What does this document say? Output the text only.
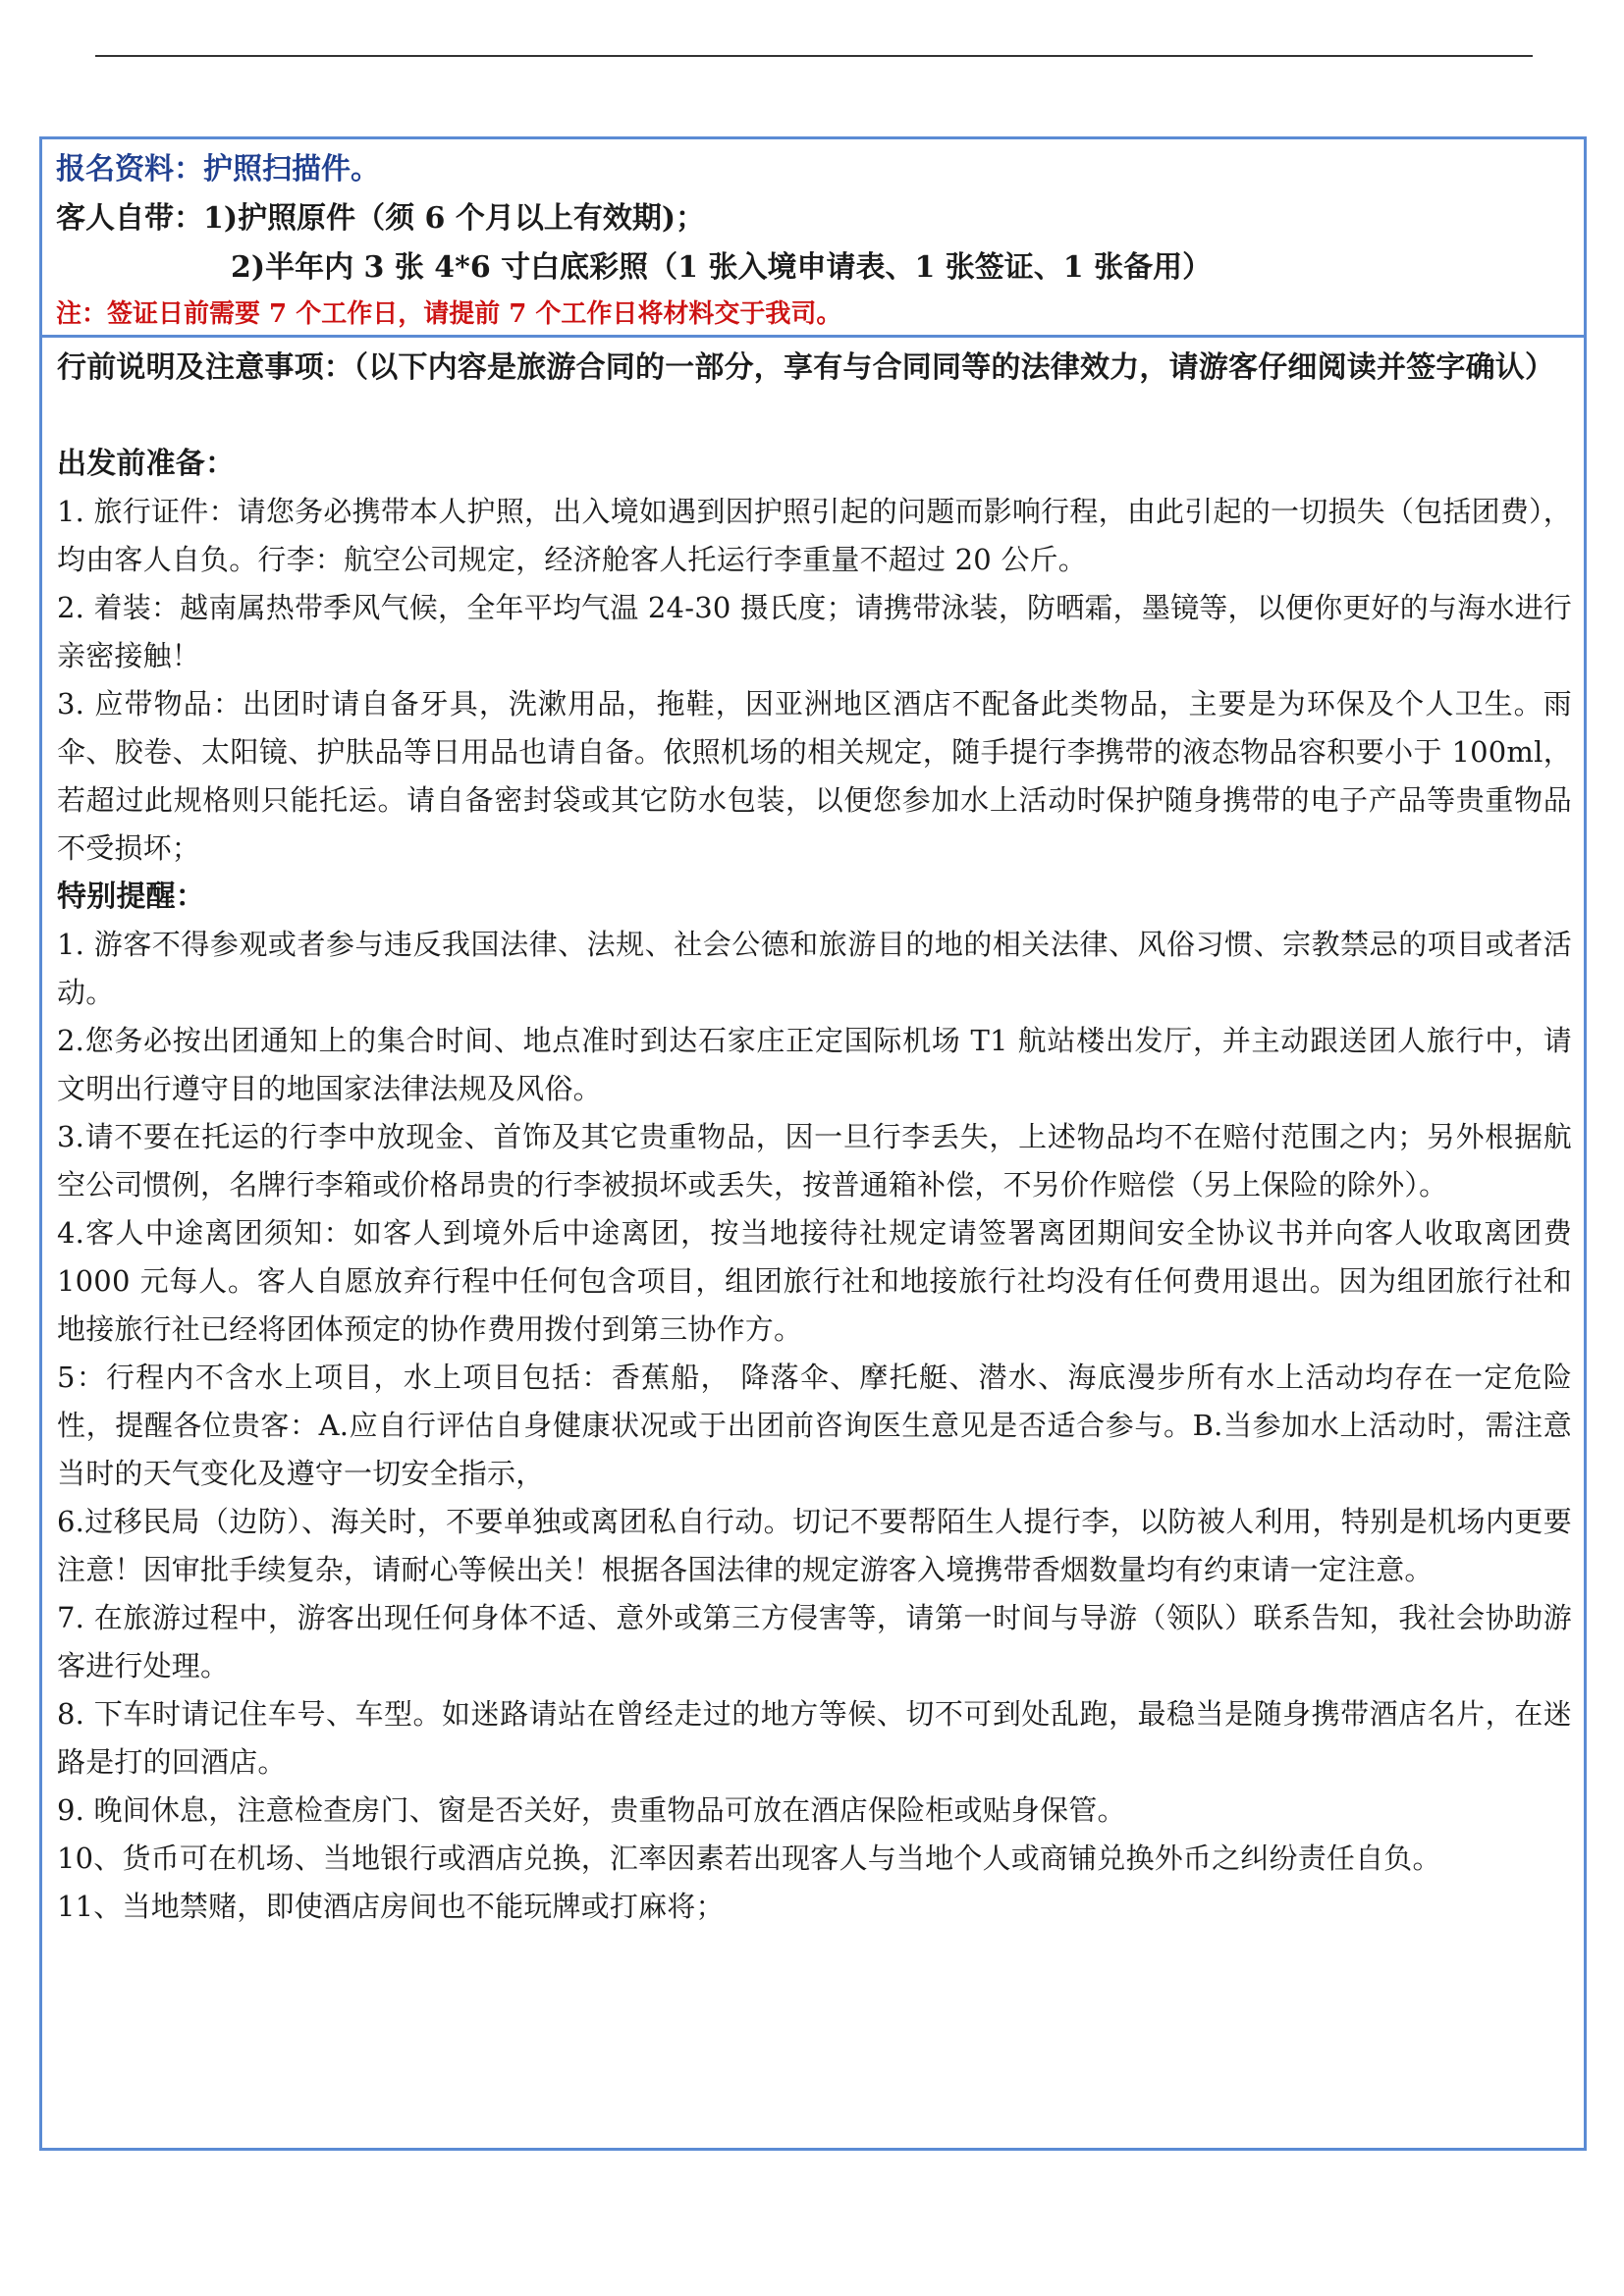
报名资料：护照扫描件。
客人自带：1)护照原件（须 6 个月以上有效期)；
2)半年内 3 张 4*6 寸白底彩照（1 张入境申请表、1 张签证、1 张备用）
注：签证日前需要 7 个工作日，请提前 7 个工作日将材料交于我司。

行前说明及注意事项：（以下内容是旅游合同的一部分，享有与合同同等的法律效力，请游客仔细阅读并签字确认）

出发前准备：

1. 旅行证件：请您务必携带本人护照，出入境如遇到因护照引起的问题而影响行程，由此引起的一切损失（包括团费），均由客人自负。行李：航空公司规定，经济舱客人托运行李重量不超过 20 公斤。

2. 着装：越南属热带季风气候，全年平均气温 24-30 摄氏度；请携带泳装，防晒霜，墨镜等，以便你更好的与海水进行亲密接触！

3. 应带物品：出团时请自备牙具，洗漱用品，拖鞋，因亚洲地区酒店不配备此类物品，主要是为环保及个人卫生。雨伞、胶卷、太阳镜、护肤品等日用品也请自备。依照机场的相关规定，随手提行李携带的液态物品容积要小于 100ml，若超过此规格则只能托运。请自备密封袋或其它防水包装，以便您参加水上活动时保护随身携带的电子产品等贵重物品不受损坏；

特别提醒：

1. 游客不得参观或者参与违反我国法律、法规、社会公德和旅游目的地的相关法律、风俗习惯、宗教禁忌的项目或者活动。

2.您务必按出团通知上的集合时间、地点准时到达石家庄正定国际机场 T1 航站楼出发厅，并主动跟送团人旅行中，请文明出行遵守目的地国家法律法规及风俗。

3.请不要在托运的行李中放现金、首饰及其它贵重物品，因一旦行李丢失，上述物品均不在赔付范围之内；另外根据航空公司惯例，名牌行李箱或价格昂贵的行李被损坏或丢失，按普通箱补偿，不另价作赔偿（另上保险的除外）。

4.客人中途离团须知：如客人到境外后中途离团，按当地接待社规定请签署离团期间安全协议书并向客人收取离团费 1000 元每人。客人自愿放弃行程中任何包含项目，组团旅行社和地接旅行社均没有任何费用退出。因为组团旅行社和地接旅行社已经将团体预定的协作费用拨付到第三协作方。

5：行程内不含水上项目，水上项目包括：香蕉船， 降落伞、摩托艇、潜水、海底漫步所有水上活动均存在一定危险性，提醒各位贵客：A.应自行评估自身健康状况或于出团前咨询医生意见是否适合参与。B.当参加水上活动时，需注意当时的天气变化及遵守一切安全指示，

6.过移民局（边防）、海关时，不要单独或离团私自行动。切记不要帮陌生人提行李，以防被人利用，特别是机场内更要注意！因审批手续复杂，请耐心等候出关！根据各国法律的规定游客入境携带香烟数量均有约束请一定注意。

7. 在旅游过程中，游客出现任何身体不适、意外或第三方侵害等，请第一时间与导游（领队）联系告知，我社会协助游客进行处理。

8. 下车时请记住车号、车型。如迷路请站在曾经走过的地方等候、切不可到处乱跑，最稳当是随身携带酒店名片，在迷路是打的回酒店。

9. 晚间休息，注意检查房门、窗是否关好，贵重物品可放在酒店保险柜或贴身保管。

10、货币可在机场、当地银行或酒店兑换，汇率因素若出现客人与当地个人或商铺兑换外币之纠纷责任自负。

11、当地禁赌，即使酒店房间也不能玩牌或打麻将；
